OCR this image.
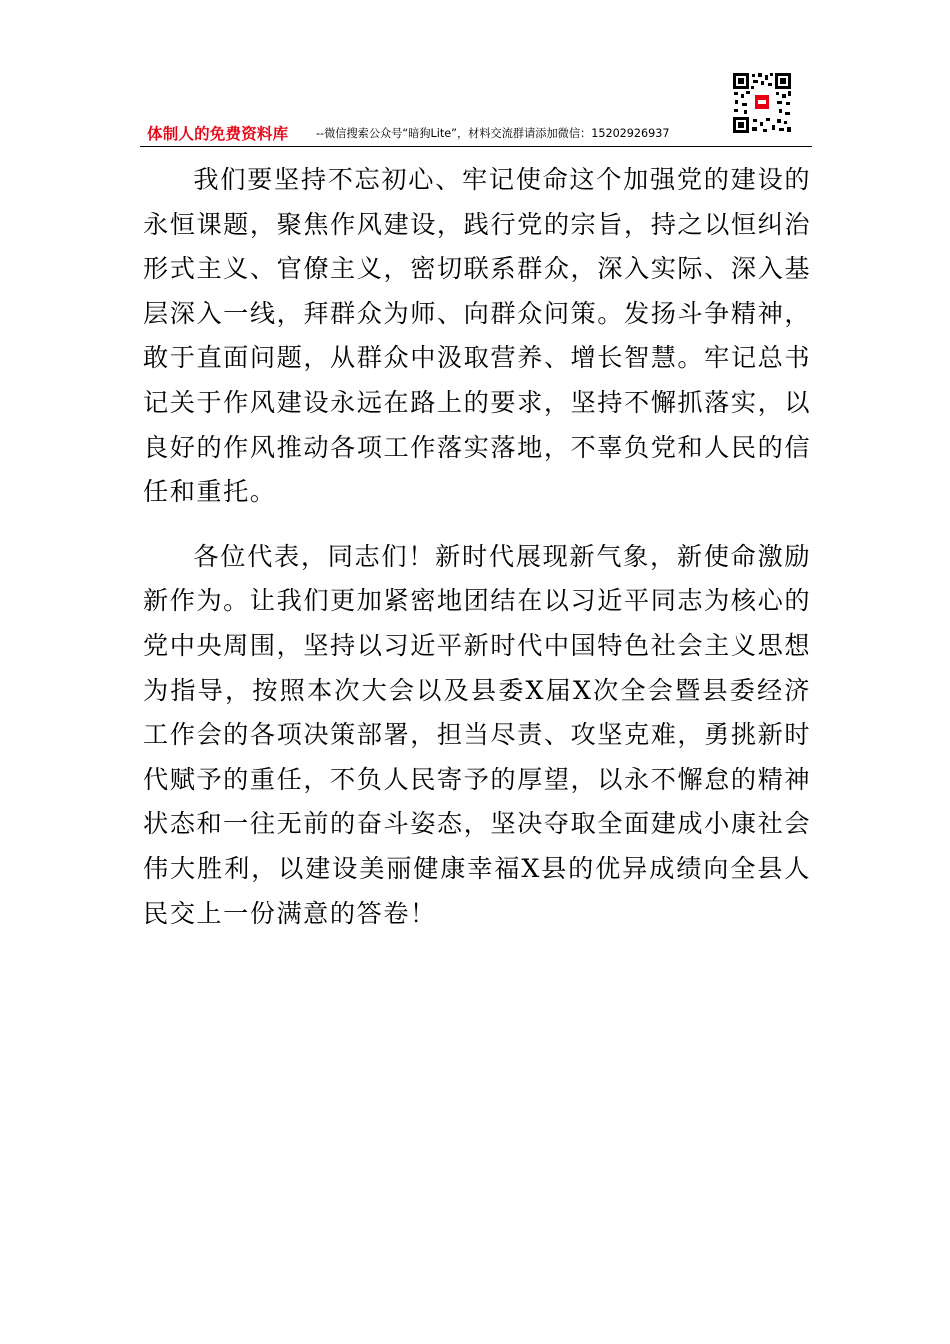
体制人的免费资料库 --微信搜索公众号“暗狗Lite”，材料交流群请添加微信：15202926937

我们要坚持不忘初心、牢记使命这个加强党的建设的永恒课题，聚焦作风建设，践行党的宗旨，持之以恒纠治形式主义、官僚主义，密切联系群众，深入实际、深入基层深入一线，拜群众为师、向群众问策。发扬斗争精神，敢于直面问题，从群众中汲取营养、增长智慧。牢记总书记关于作风建设永远在路上的要求，坚持不懈抓落实，以良好的作风推动各项工作落实落地，不辜负党和人民的信任和重托。

各位代表，同志们！新时代展现新气象，新使命激励新作为。让我们更加紧密地团结在以习近平同志为核心的党中央周围，坚持以习近平新时代中国特色社会主义思想为指导，按照本次大会以及县委X届X次全会暨县委经济工作会的各项决策部署，担当尽责、攻坚克难，勇挑新时代赋予的重任，不负人民寄予的厚望，以永不懈怠的精神状态和一往无前的奋斗姿态，坚决夺取全面建成小康社会伟大胜利，以建设美丽健康幸福X县的优异成绩向全县人民交上一份满意的答卷！
